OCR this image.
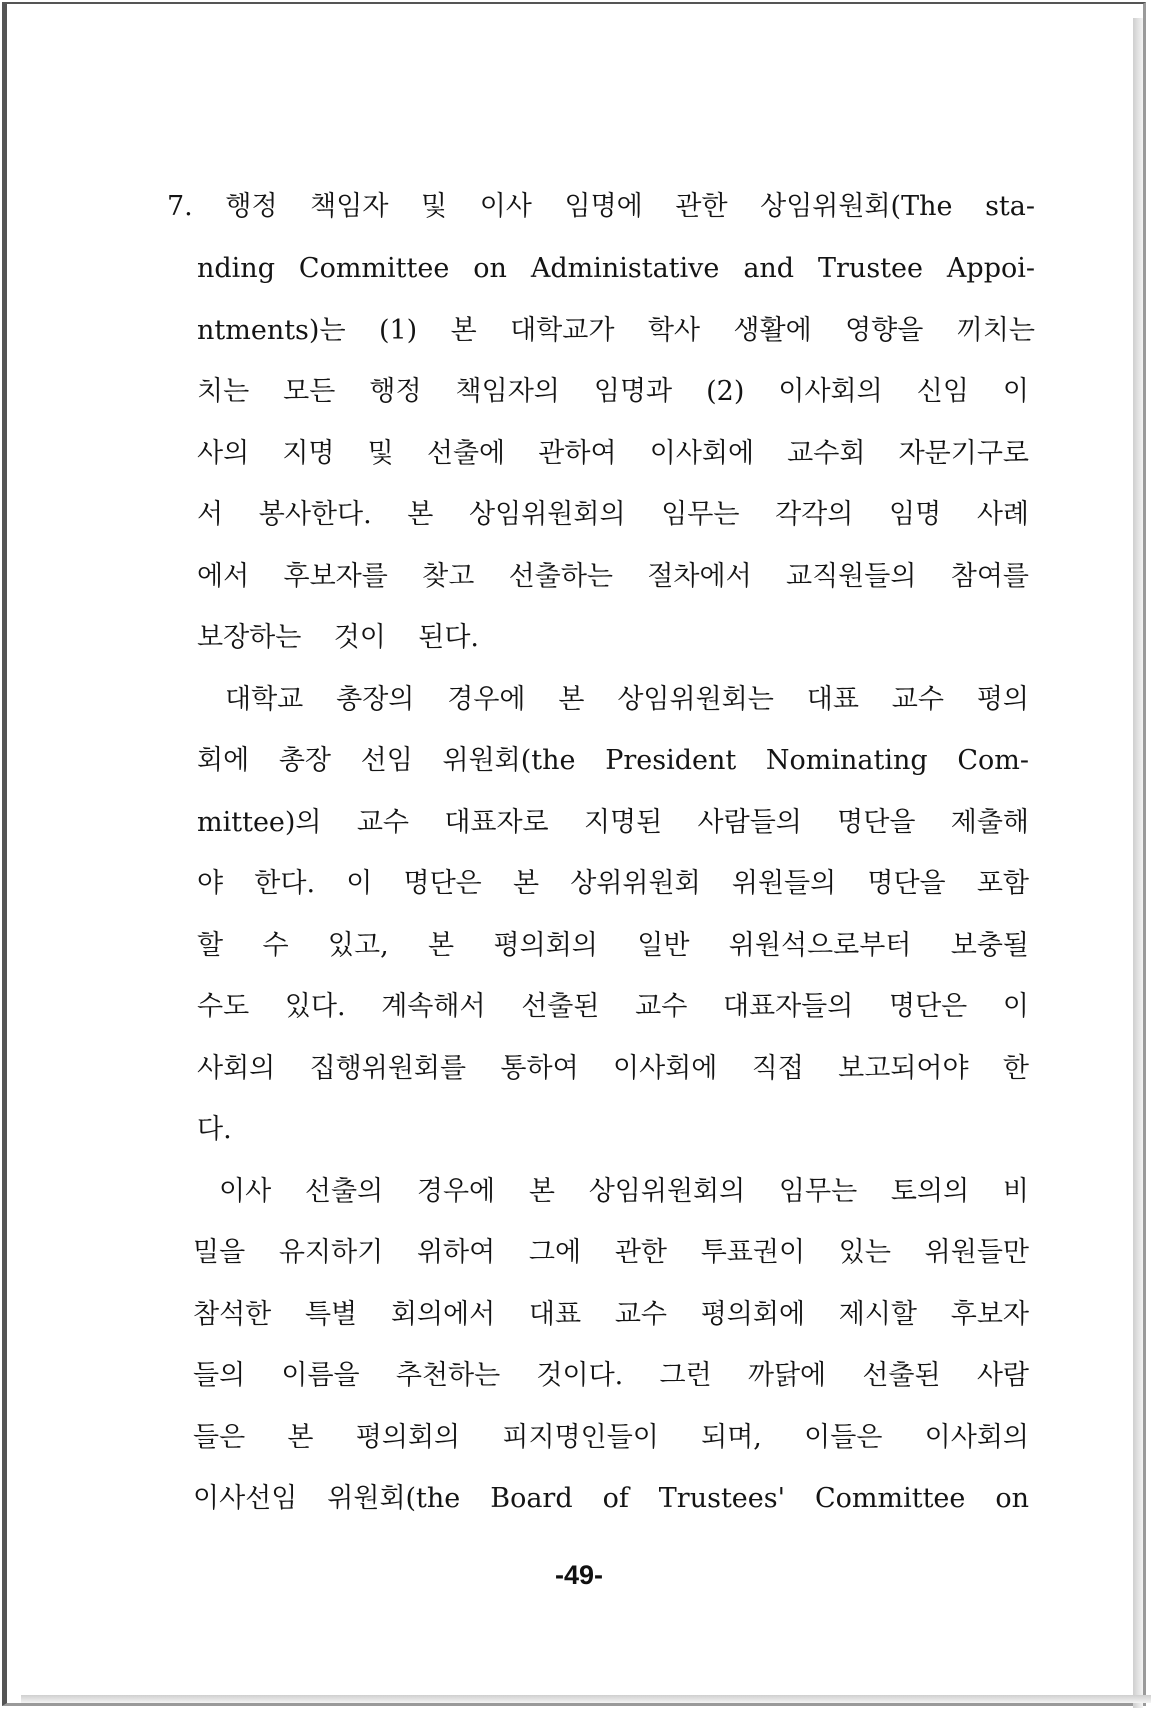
7. 행정 책임자 및 이사 임명에 관한 상임위원회(The sta-
nding Committee on Administative and Trustee Appoi-
ntments)는 (1) 본 대학교가 학사 생활에 영향을 끼치는
치는 모든 행정 책임자의 임명과 (2) 이사회의 신임 이
사의 지명 및 선출에 관하여 이사회에 교수회 자문기구로
서 봉사한다. 본 상임위원회의 임무는 각각의 임명 사례
에서 후보자를 찾고 선출하는 절차에서 교직원들의 참여를
보장하는 것이 된다.
대학교 총장의 경우에 본 상임위원회는 대표 교수 평의
회에 총장 선임 위원회(the President Nominating Com-
mittee)의 교수 대표자로 지명된 사람들의 명단을 제출해
야 한다. 이 명단은 본 상위위원회 위원들의 명단을 포함
할 수 있고, 본 평의회의 일반 위원석으로부터 보충될
수도 있다. 계속해서 선출된 교수 대표자들의 명단은 이
사회의 집행위원회를 통하여 이사회에 직접 보고되어야 한
다.
이사 선출의 경우에 본 상임위원회의 임무는 토의의 비
밀을 유지하기 위하여 그에 관한 투표권이 있는 위원들만
참석한 특별 회의에서 대표 교수 평의회에 제시할 후보자
들의 이름을 추천하는 것이다. 그런 까닭에 선출된 사람
들은 본 평의회의 피지명인들이 되며, 이들은 이사회의
이사선임 위원회(the Board of Trustees' Committee on
-49-
